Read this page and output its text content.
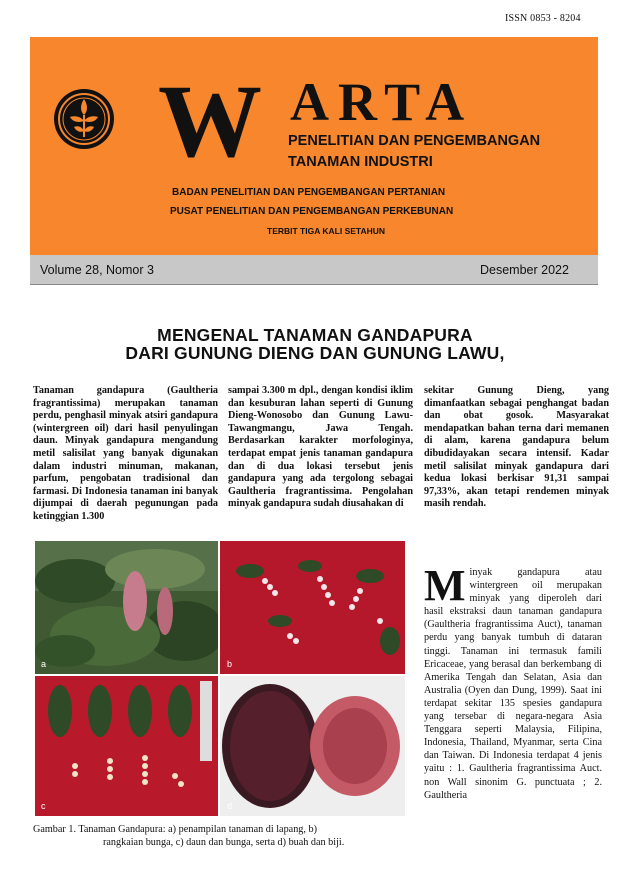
ISSN 0853 - 8204
W ARTA
PENELITIAN DAN PENGEMBANGAN
TANAMAN INDUSTRI
BADAN PENELITIAN DAN PENGEMBANGAN PERTANIAN
PUSAT PENELITIAN DAN PENGEMBANGAN PERKEBUNAN
TERBIT TIGA KALI SETAHUN
Volume 28, Nomor 3	Desember 2022
MENGENAL TANAMAN GANDAPURA
DARI GUNUNG DIENG DAN GUNUNG LAWU,
Tanaman gandapura (Gaultheria fragrantissima) merupakan tanaman perdu, penghasil minyak atsiri gandapura (wintergreen oil) dari hasil penyulingan daun. Minyak gandapura mengandung metil salisilat yang banyak digunakan dalam industri minuman, makanan, parfum, pengobatan tradisional dan farmasi. Di Indonesia tanaman ini banyak dijumpai di daerah pegunungan pada ketinggian 1.300
sampai 3.300 m dpl., dengan kondisi iklim dan kesuburan lahan seperti di Gunung Dieng-Wonosobo dan Gunung Lawu-Tawangmangu, Jawa Tengah. Berdasarkan karakter morfologinya, terdapat empat jenis tanaman gandapura dan di dua lokasi tersebut jenis gandapura yang ada tergolong sebagai Gaultheria fragrantissima. Pengolahan minyak gandapura sudah diusahakan di
sekitar Gunung Dieng, yang dimanfaatkan sebagai penghangat badan dan obat gosok. Masyarakat mendapatkan bahan terna dari memanen di alam, karena gandapura belum dibudidayakan secara intensif. Kadar metil salisilat minyak gandapura dari kedua lokasi berkisar 91,31 sampai 97,33%, akan tetapi rendemen minyak masih rendah.
a	b
c	d
Gambar 1. Tanaman Gandapura: a) penampilan tanaman di lapang, b)
rangkaian bunga, c) daun dan bunga, serta d) buah dan biji.
M inyak gandapura atau wintergreen oil merupakan minyak yang diperoleh dari hasil ekstraksi daun tanaman gandapura (Gaultheria fragrantissima Auct), tanaman perdu yang banyak tumbuh di dataran tinggi. Tanaman ini termasuk famili Ericaceae, yang berasal dan berkembang di Amerika Tengah dan Selatan, Asia dan Australia (Oyen dan Dung, 1999). Saat ini terdapat sekitar 135 spesies gandapura yang tersebar di negara-negara Asia Tenggara seperti Malaysia, Filipina, Indonesia, Thailand, Myanmar, serta Cina dan Taiwan. Di Indonesia terdapat 4 jenis yaitu : 1. Gaultheria fragrantissima Auct. non Wall sinonim G. punctuata ; 2. Gaultheria
